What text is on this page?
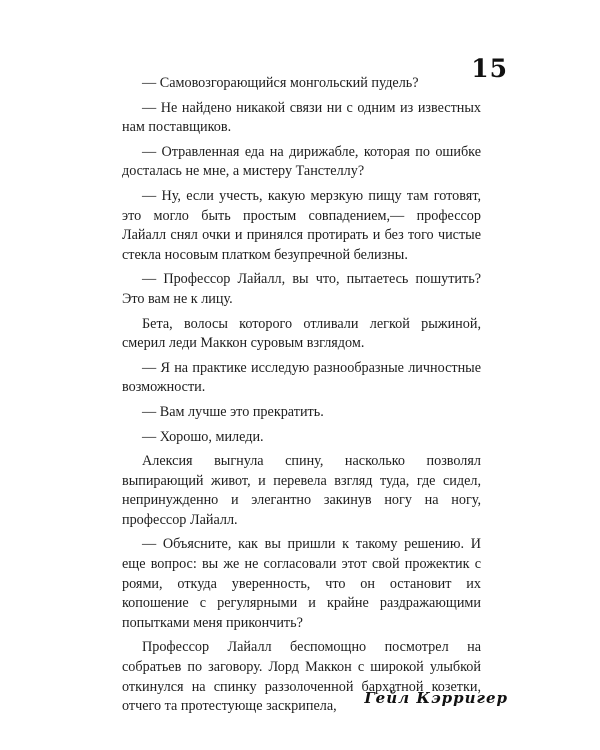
15

— Самовозгорающийся монгольский пудель?

— Не найдено никакой связи ни с одним из известных нам поставщиков.

— Отравленная еда на дирижабле, которая по ошибке досталась не мне, а мистеру Танстеллу?

— Ну, если учесть, какую мерзкую пищу там готовят, это могло быть простым совпадением,— профессор Лайалл снял очки и принялся протирать и без того чистые стекла носовым платком безупречной белизны.

— Профессор Лайалл, вы что, пытаетесь пошутить? Это вам не к лицу.

Бета, волосы которого отливали легкой рыжиной, смерил леди Маккон суровым взглядом.

— Я на практике исследую разнообразные личностные возможности.

— Вам лучше это прекратить.

— Хорошо, миледи.

Алексия выгнула спину, насколько позволял выпирающий живот, и перевела взгляд туда, где сидел, непринужденно и элегантно закинув ногу на ногу, профессор Лайалл.

— Объясните, как вы пришли к такому решению. И еще вопрос: вы же не согласовали этот свой прожектик с роями, откуда уверенность, что он остановит их копошение с регулярными и крайне раздражающими попытками меня прикончить?

Профессор Лайалл беспомощно посмотрел на собратьев по заговору. Лорд Маккон с широкой улыбкой откинулся на спинку раззолоченной бархатной козетки, отчего та протестующе заскрипела,	Гейл Кэрригер
